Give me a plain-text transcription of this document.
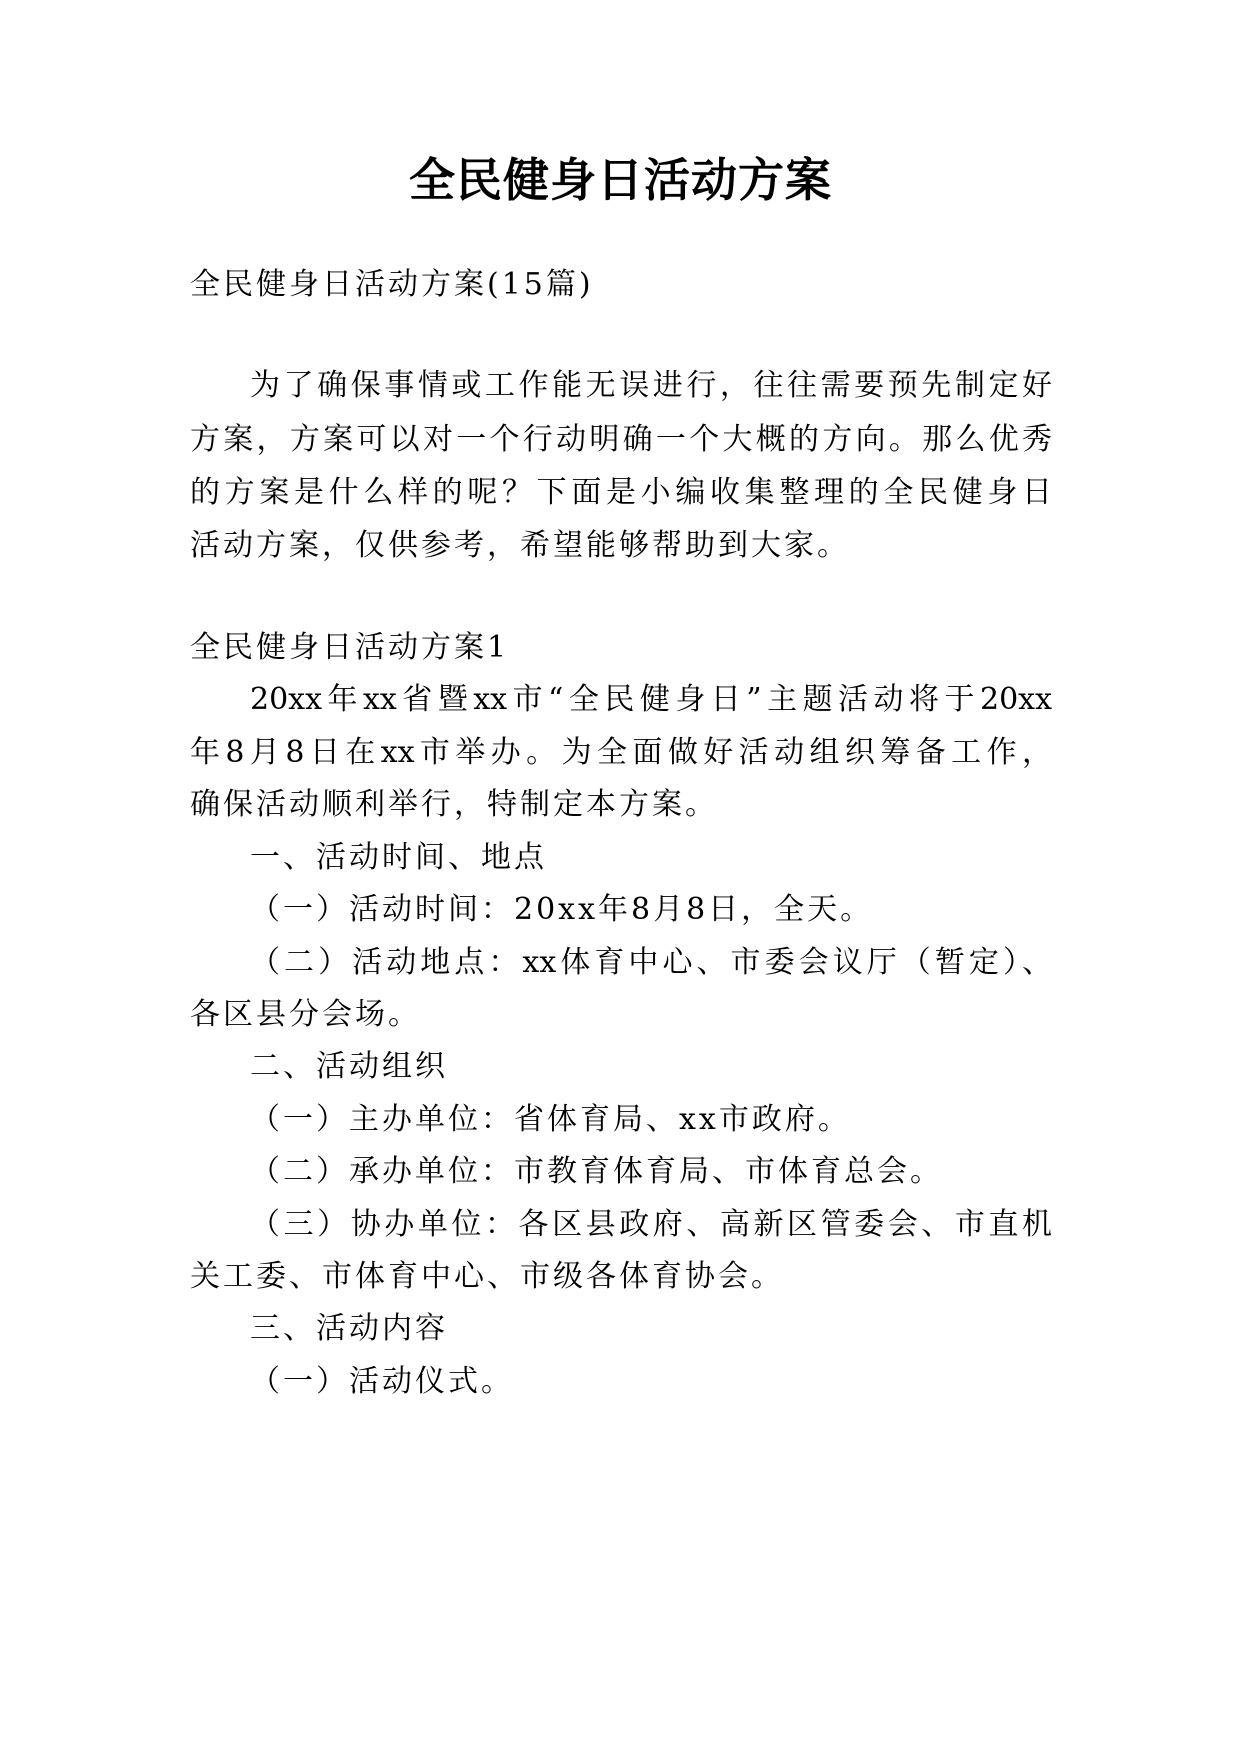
全民健身日活动方案
全民健身日活动方案(15篇)
为了确保事情或工作能无误进行，往往需要预先制定好
方案，方案可以对一个行动明确一个大概的方向。那么优秀
的方案是什么样的呢？下面是小编收集整理的全民健身日
活动方案，仅供参考，希望能够帮助到大家。
全民健身日活动方案1
20xx年xx省暨xx市“全民健身日”主题活动将于20xx
年8月8日在xx市举办。为全面做好活动组织筹备工作，
确保活动顺利举行，特制定本方案。
一、活动时间、地点
（一）活动时间：20xx年8月8日，全天。
（二）活动地点：xx体育中心、市委会议厅（暂定）、
各区县分会场。
二、活动组织
（一）主办单位：省体育局、xx市政府。
（二）承办单位：市教育体育局、市体育总会。
（三）协办单位：各区县政府、高新区管委会、市直机
关工委、市体育中心、市级各体育协会。
三、活动内容
（一）活动仪式。
